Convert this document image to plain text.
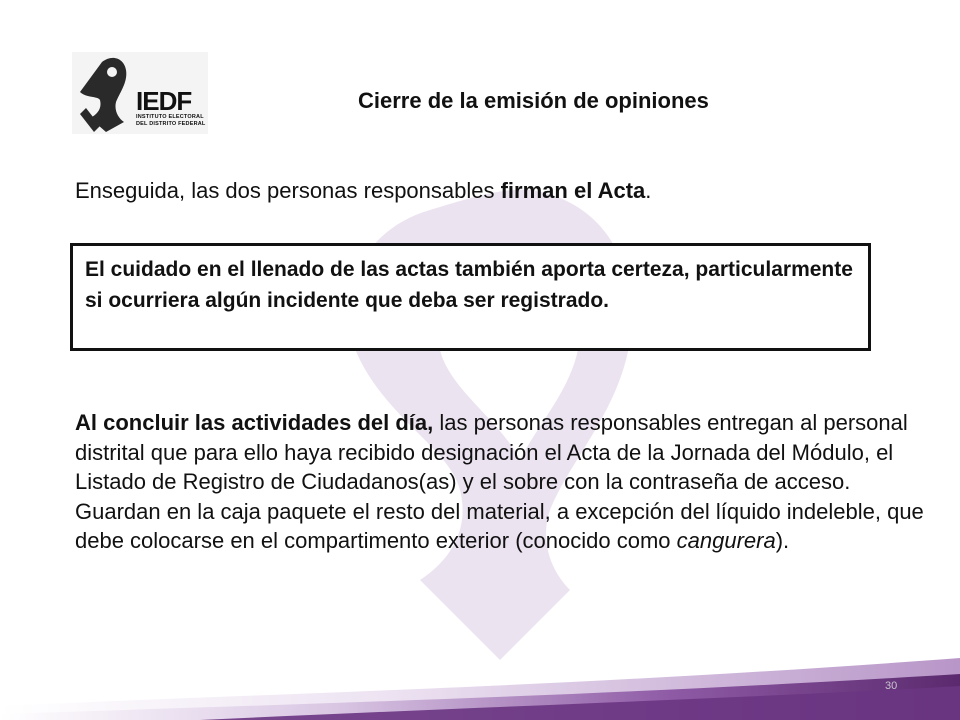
IEDF
INSTITUTO ELECTORAL
DEL DISTRITO FEDERAL
Cierre de la emisión de opiniones
Enseguida, las dos personas responsables firman el Acta.
El cuidado en el llenado de las actas también aporta certeza, particularmente si ocurriera algún incidente que deba ser registrado.
Al concluir las actividades del día, las personas responsables entregan al personal distrital que para ello haya recibido designación el Acta de la Jornada del Módulo, el Listado de Registro de Ciudadanos(as) y el sobre con la contraseña de acceso. Guardan en la caja paquete el resto del material, a excepción del líquido indeleble, que debe colocarse en el compartimento exterior (conocido como cangurera).
30
